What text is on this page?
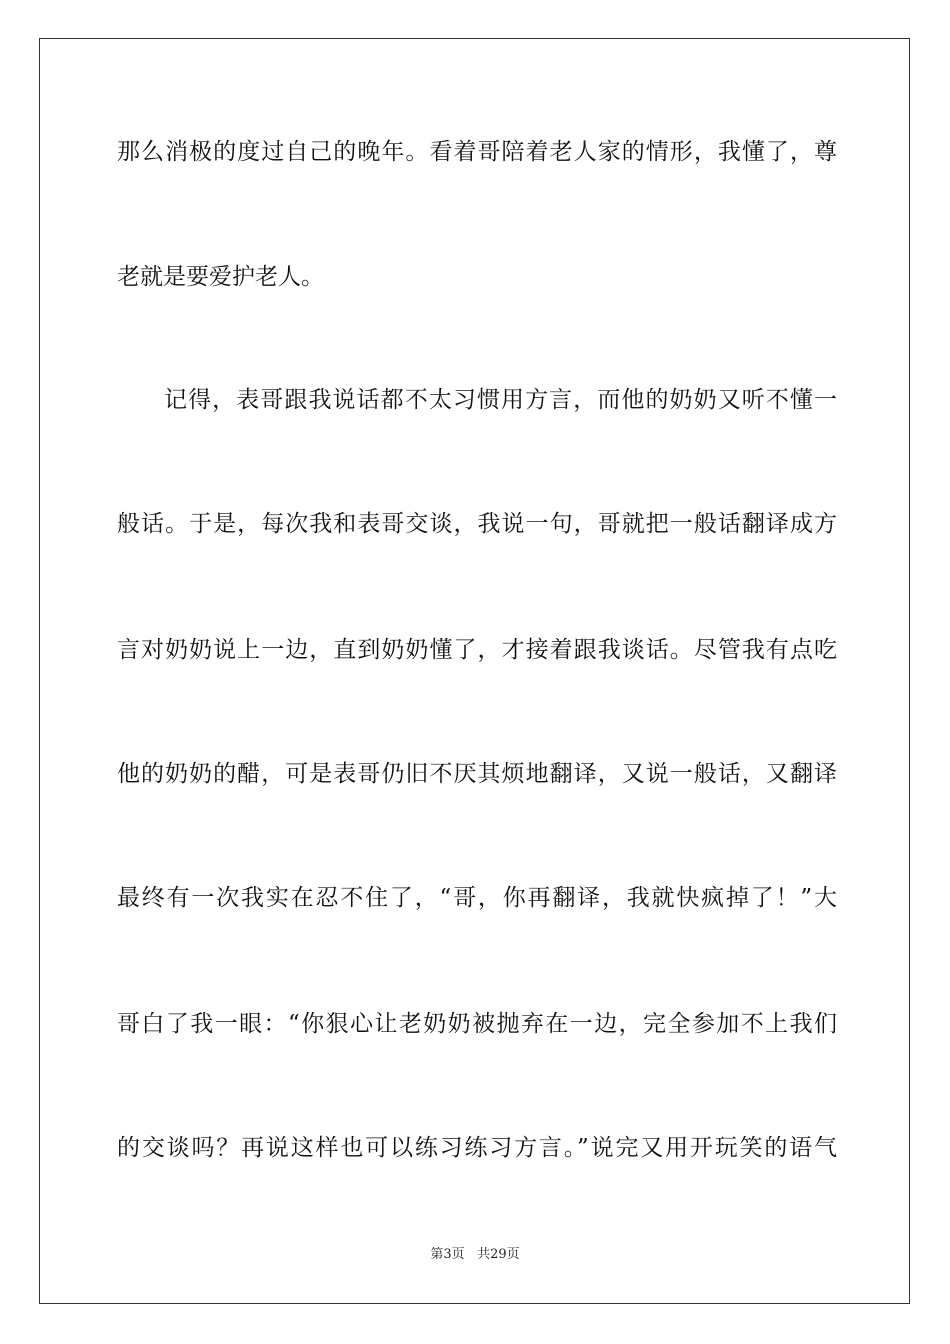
那么消极的度过自己的晚年。看着哥陪着老人家的情形，我懂了，尊
老就是要爱护老人。
记得，表哥跟我说话都不太习惯用方言，而他的奶奶又听不懂一
般话。于是，每次我和表哥交谈，我说一句，哥就把一般话翻译成方
言对奶奶说上一边，直到奶奶懂了，才接着跟我谈话。尽管我有点吃
他的奶奶的醋，可是表哥仍旧不厌其烦地翻译，又说一般话，又翻译
最终有一次我实在忍不住了，“哥，你再翻译，我就快疯掉了！”大
哥白了我一眼：“你狠心让老奶奶被抛弃在一边，完全参加不上我们
的交谈吗？再说这样也可以练习练习方言。”说完又用开玩笑的语气
第3页 共29页
